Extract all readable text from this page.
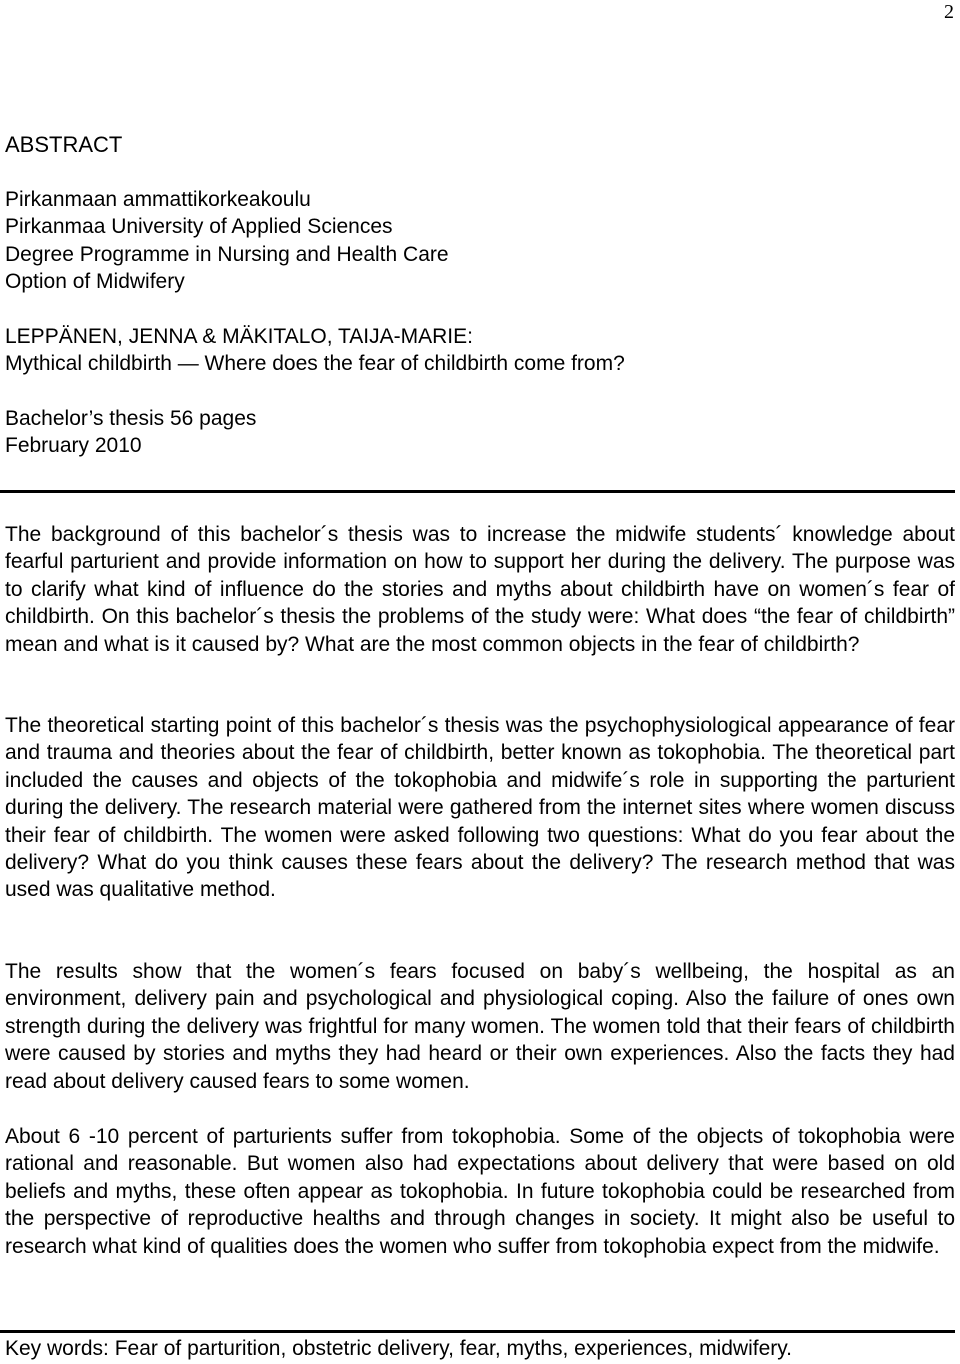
2
ABSTRACT
Pirkanmaan ammattikorkeakoulu
Pirkanmaa University of Applied Sciences
Degree Programme in Nursing and Health Care
Option of Midwifery
LEPPÄNEN, JENNA & MÄKITALO, TAIJA-MARIE:
Mythical childbirth — Where does the fear of childbirth come from?
Bachelor’s thesis 56 pages
February 2010
The background of this bachelor´s thesis was to increase the midwife students´ knowledge about fearful parturient and provide information on how to support her during the delivery. The purpose was to clarify what kind of influence do the stories and myths about childbirth have on women´s fear of childbirth. On this bachelor´s thesis the problems of the study were: What does “the fear of childbirth” mean and what is it caused by? What are the most common objects in the fear of childbirth?
The theoretical starting point of this bachelor´s thesis was the psychophysiological appearance of fear and trauma and theories about the fear of childbirth, better known as tokophobia. The theoretical part included the causes and objects of the tokophobia and midwife´s role in supporting the parturient during the delivery. The research material were gathered from the internet sites where women discuss their fear of childbirth. The women were asked following two questions: What do you fear about the delivery? What do you think causes these fears about the delivery? The research method that was used was qualitative method.
The results show that the women´s fears focused on baby´s wellbeing, the hospital as an environment, delivery pain and psychological and physiological coping. Also the failure of ones own strength during the delivery was frightful for many women. The women told that their fears of childbirth were caused by stories and myths they had heard or their own experiences. Also the facts they had read about delivery caused fears to some women.
About 6 -10 percent of parturients suffer from tokophobia. Some of the objects of tokophobia were rational and reasonable. But women also had expectations about delivery that were based on old beliefs and myths, these often appear as tokophobia. In future tokophobia could be researched from the perspective of reproductive healths and through changes in society. It might also be useful to research what kind of qualities does the women who suffer from tokophobia expect from the midwife.
Key words: Fear of parturition, obstetric delivery, fear, myths, experiences, midwifery.
